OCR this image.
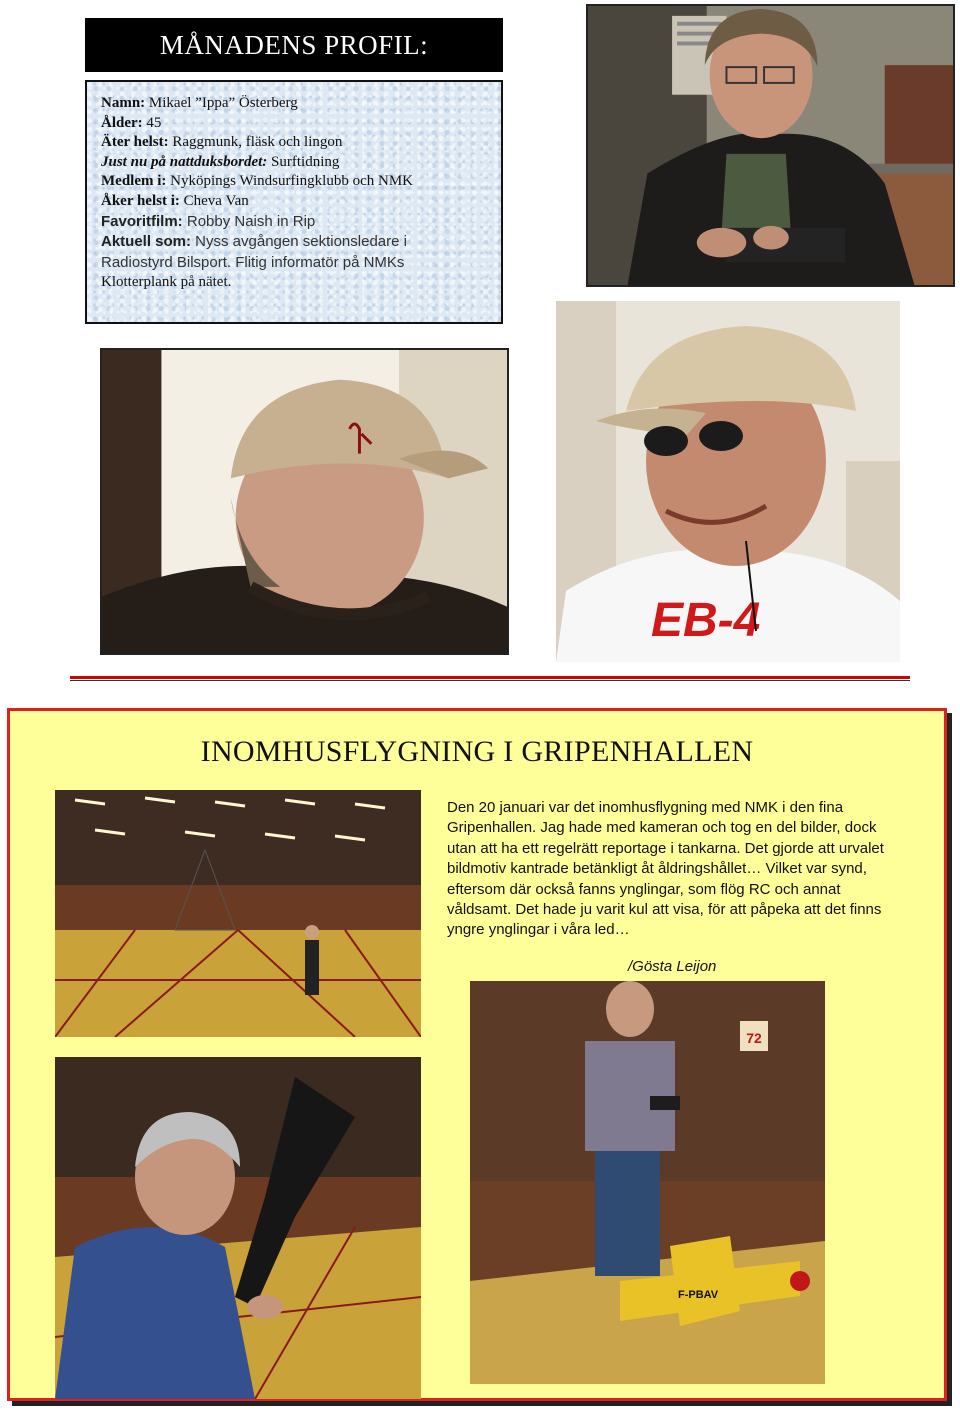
MÅNADENS PROFIL:
Namn: Mikael ”Ippa” Österberg
Ålder: 45
Äter helst: Raggmunk, fläsk och lingon
Just nu på nattduksbordet: Surftidning
Medlem i: Nyköpings Windsurfingklubb och NMK
Åker helst i: Cheva Van
Favoritfilm: Robby Naish in Rip
Aktuell som: Nyss avgången sektionsledare i
Radiostyrd Bilsport. Flitig informatör på NMKs
Klotterplank på nätet.
EB-4
INOMHUSFLYGNING I GRIPENHALLEN
Den 20 januari var det inomhusflygning med NMK i den fina
Gripenhallen. Jag hade med kameran och tog en del bilder, dock
utan att ha ett regelrätt reportage i tankarna. Det gjorde att urvalet
bildmotiv kantrade betänkligt åt åldringshållet… Vilket var synd,
eftersom där också fanns ynglingar, som flög RC och annat
våldsamt. Det hade ju varit kul att visa, för att påpeka att det finns
yngre ynglingar i våra led…
/Gösta Leijon
72
F-PBAV
